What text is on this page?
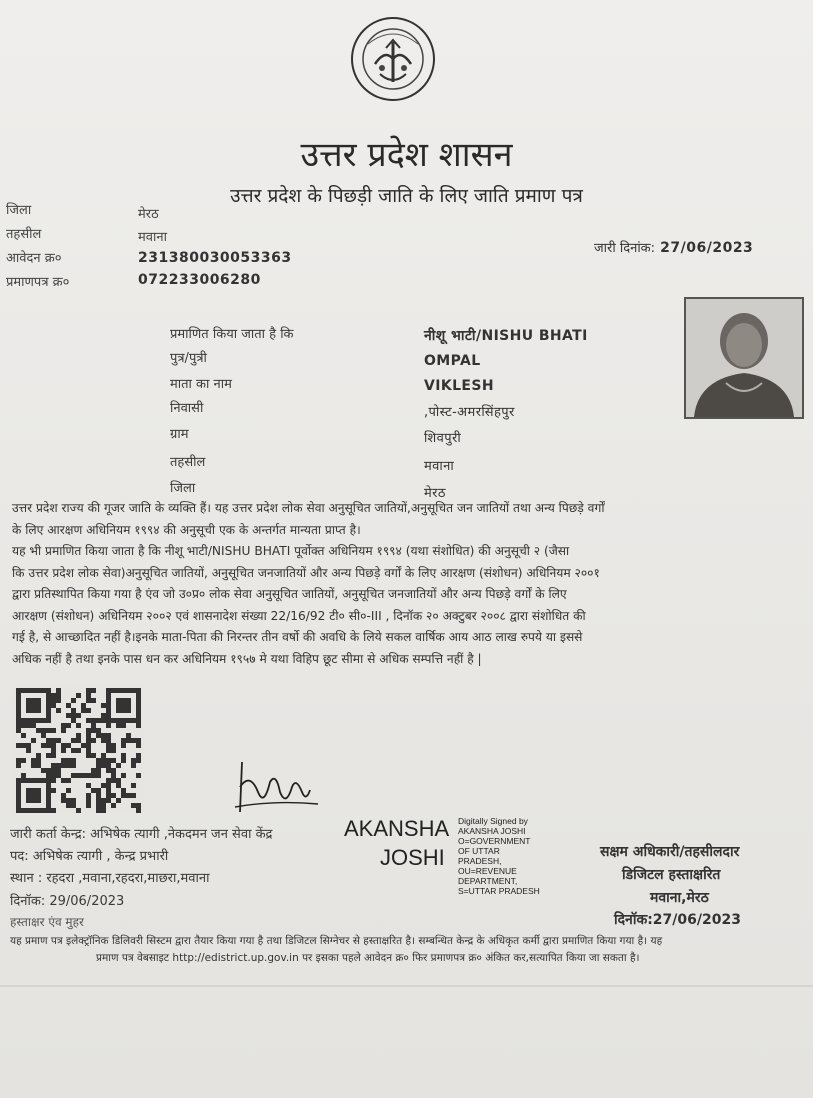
उत्तर प्रदेश शासन
उत्तर प्रदेश के पिछड़ी जाति के लिए जाति प्रमाण पत्र
जिला	मेरठ
तहसील	मवाना
आवेदन क्र०	231380030053363
प्रमाणपत्र क्र०	072233006280
जारी दिनांक: 27/06/2023
प्रमाणित किया जाता है कि	नीशू भाटी/NISHU BHATI
पुत्र/पुत्री	OMPAL
माता का नाम	VIKLESH
निवासी	,पोस्ट-अमरसिंहपुर
ग्राम	शिवपुरी
तहसील	मवाना
जिला	मेरठ
उत्तर प्रदेश राज्य की गूजर जाति के व्यक्ति हैं। यह उत्तर प्रदेश लोक सेवा अनुसूचित जातियों,अनुसूचित जन जातियों तथा अन्य पिछड़े वर्गों
के लिए आरक्षण अधिनियम १९९४ की अनुसूची एक के अन्तर्गत मान्यता प्राप्त है।
यह भी प्रमाणित किया जाता है कि नीशू भाटी/NISHU BHATI पूर्वोक्त अधिनियम १९९४ (यथा संशोधित) की अनुसूची २ (जैसा
कि उत्तर प्रदेश लोक सेवा)अनुसूचित जातियों, अनुसूचित जनजातियों और अन्य पिछड़े वर्गों के लिए आरक्षण (संशोधन) अधिनियम २००१
द्वारा प्रतिस्थापित किया गया है एंव जो उ०प्र० लोक सेवा अनुसूचित जातियों, अनुसूचित जनजातियों और अन्य पिछड़े वर्गों के लिए
आरक्षण (संशोधन) अधिनियम २००२ एवं शासनादेश संख्या 22/16/92 टी० सी०-III , दिनॉक २० अक्टुबर २००८ द्वारा संशोधित की
गई है, से आच्छादित नहीं है।इनके माता-पिता की निरन्तर तीन वर्षो की अवधि के लिये सकल वार्षिक आय आठ लाख रुपये या इससे
अधिक नहीं है तथा इनके पास धन कर अधिनियम १९५७ मे यथा विहिप छूट सीमा से अधिक सम्पत्ति नहीं है |
जारी कर्ता केन्द्र: अभिषेक त्यागी ,नेकदमन जन सेवा केंद्र
पद: अभिषेक त्यागी , केन्द्र प्रभारी
स्थान : रहदरा ,मवाना,रहदरा,माछरा,मवाना
दिनॉक: 29/06/2023
हस्ताक्षर एंव मुहर
AKANSHA
JOSHI
Digitally Signed by
AKANSHA JOSHI
O=GOVERNMENT
OF UTTAR
PRADESH,
OU=REVENUE
DEPARTMENT,
S=UTTAR PRADESH
सक्षम अधिकारी/तहसीलदार
डिजिटल हस्ताक्षरित
मवाना,मेरठ
दिनॉक:27/06/2023
यह प्रमाण पत्र इलेक्ट्रॉनिक डिलिवरी सिस्टम द्वारा तैयार किया गया है तथा डिजिटल सिग्नेचर से हस्ताक्षरित है। सम्बन्धित केन्द्र के अधिकृत कर्मी द्वारा प्रमाणित किया गया है। यह
प्रमाण पत्र वेबसाइट http://edistrict.up.gov.in पर इसका पहले आवेदन क्र० फिर प्रमाणपत्र क्र० अंकित कर,सत्यापित किया जा सकता है।
